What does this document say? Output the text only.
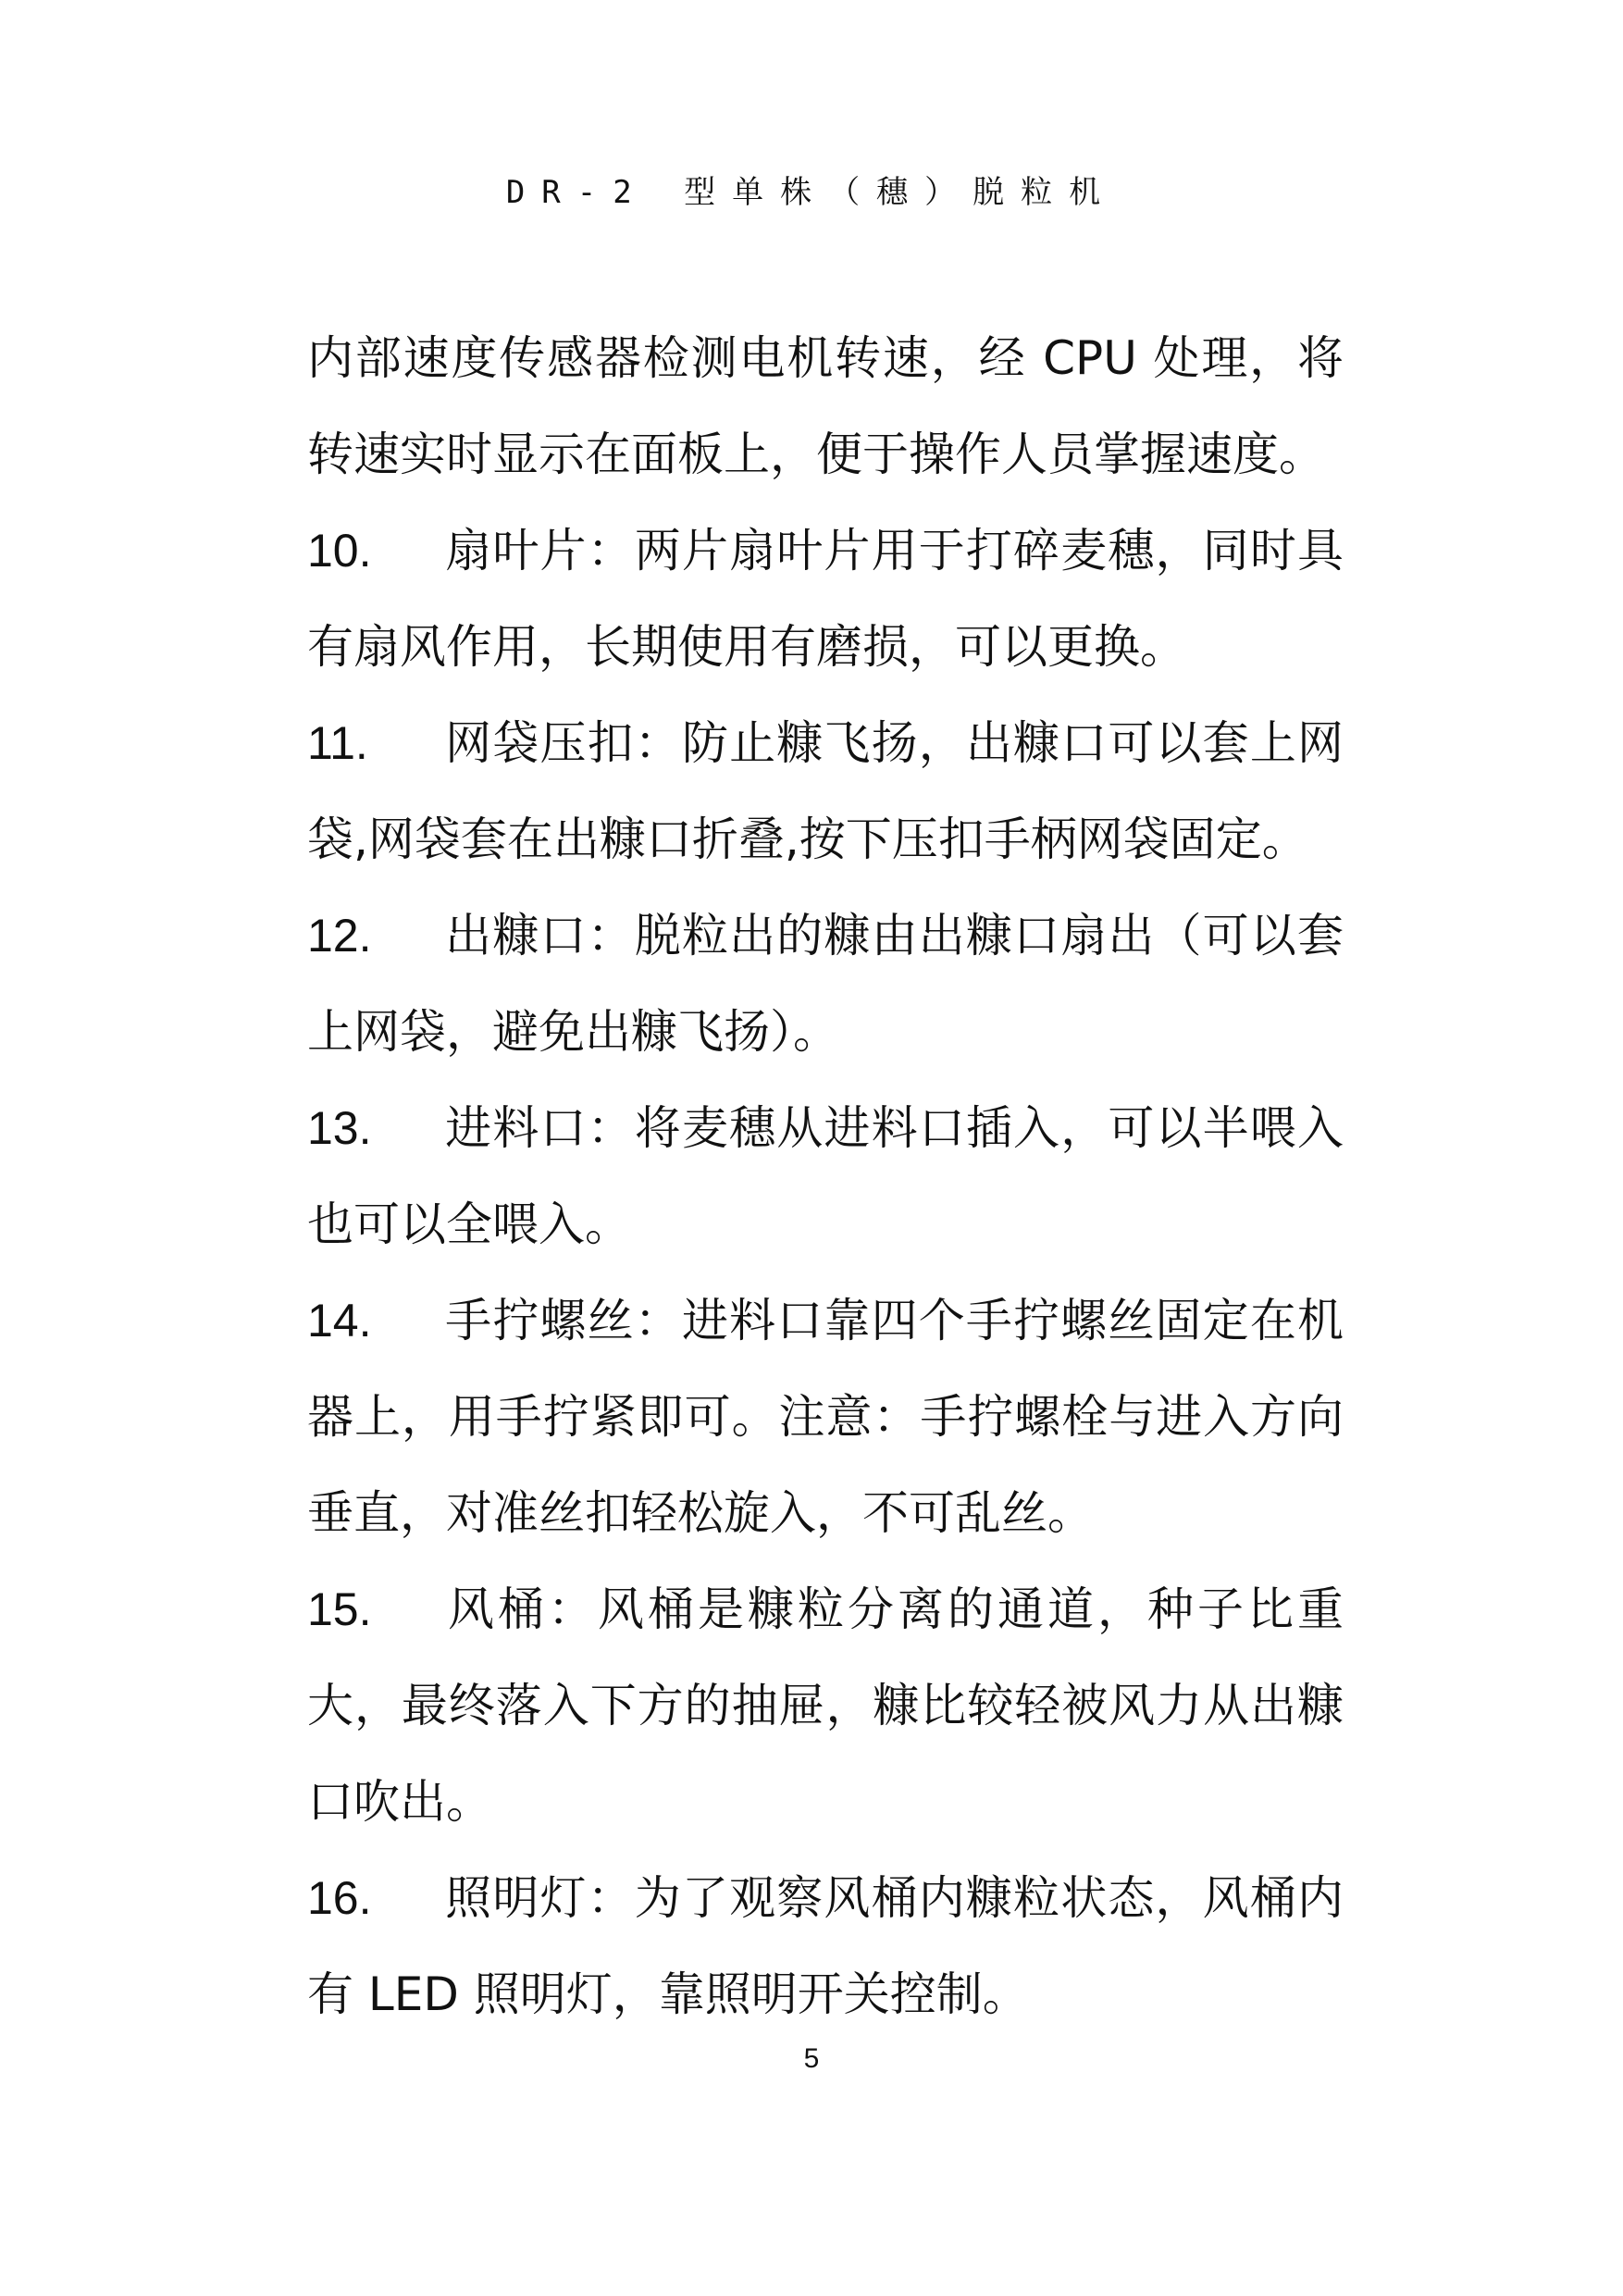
DR-2 型单株（穗）脱粒机

内部速度传感器检测电机转速，经 CPU 处理，将转速实时显示在面板上，便于操作人员掌握速度。

10. 扇叶片：两片扇叶片用于打碎麦穗，同时具有扇风作用，长期使用有磨损，可以更换。

11. 网袋压扣：防止糠飞扬，出糠口可以套上网袋,网袋套在出糠口折叠,按下压扣手柄网袋固定。

12. 出糠口：脱粒出的糠由出糠口扇出（可以套上网袋，避免出糠飞扬）。

13. 进料口：将麦穗从进料口插入，可以半喂入也可以全喂入。

14. 手拧螺丝：进料口靠四个手拧螺丝固定在机器上，用手拧紧即可。注意：手拧螺栓与进入方向垂直，对准丝扣轻松旋入，不可乱丝。

15. 风桶：风桶是糠粒分离的通道，种子比重大，最终落入下方的抽屉，糠比较轻被风力从出糠口吹出。

16. 照明灯：为了观察风桶内糠粒状态，风桶内有 LED 照明灯，靠照明开关控制。

5
